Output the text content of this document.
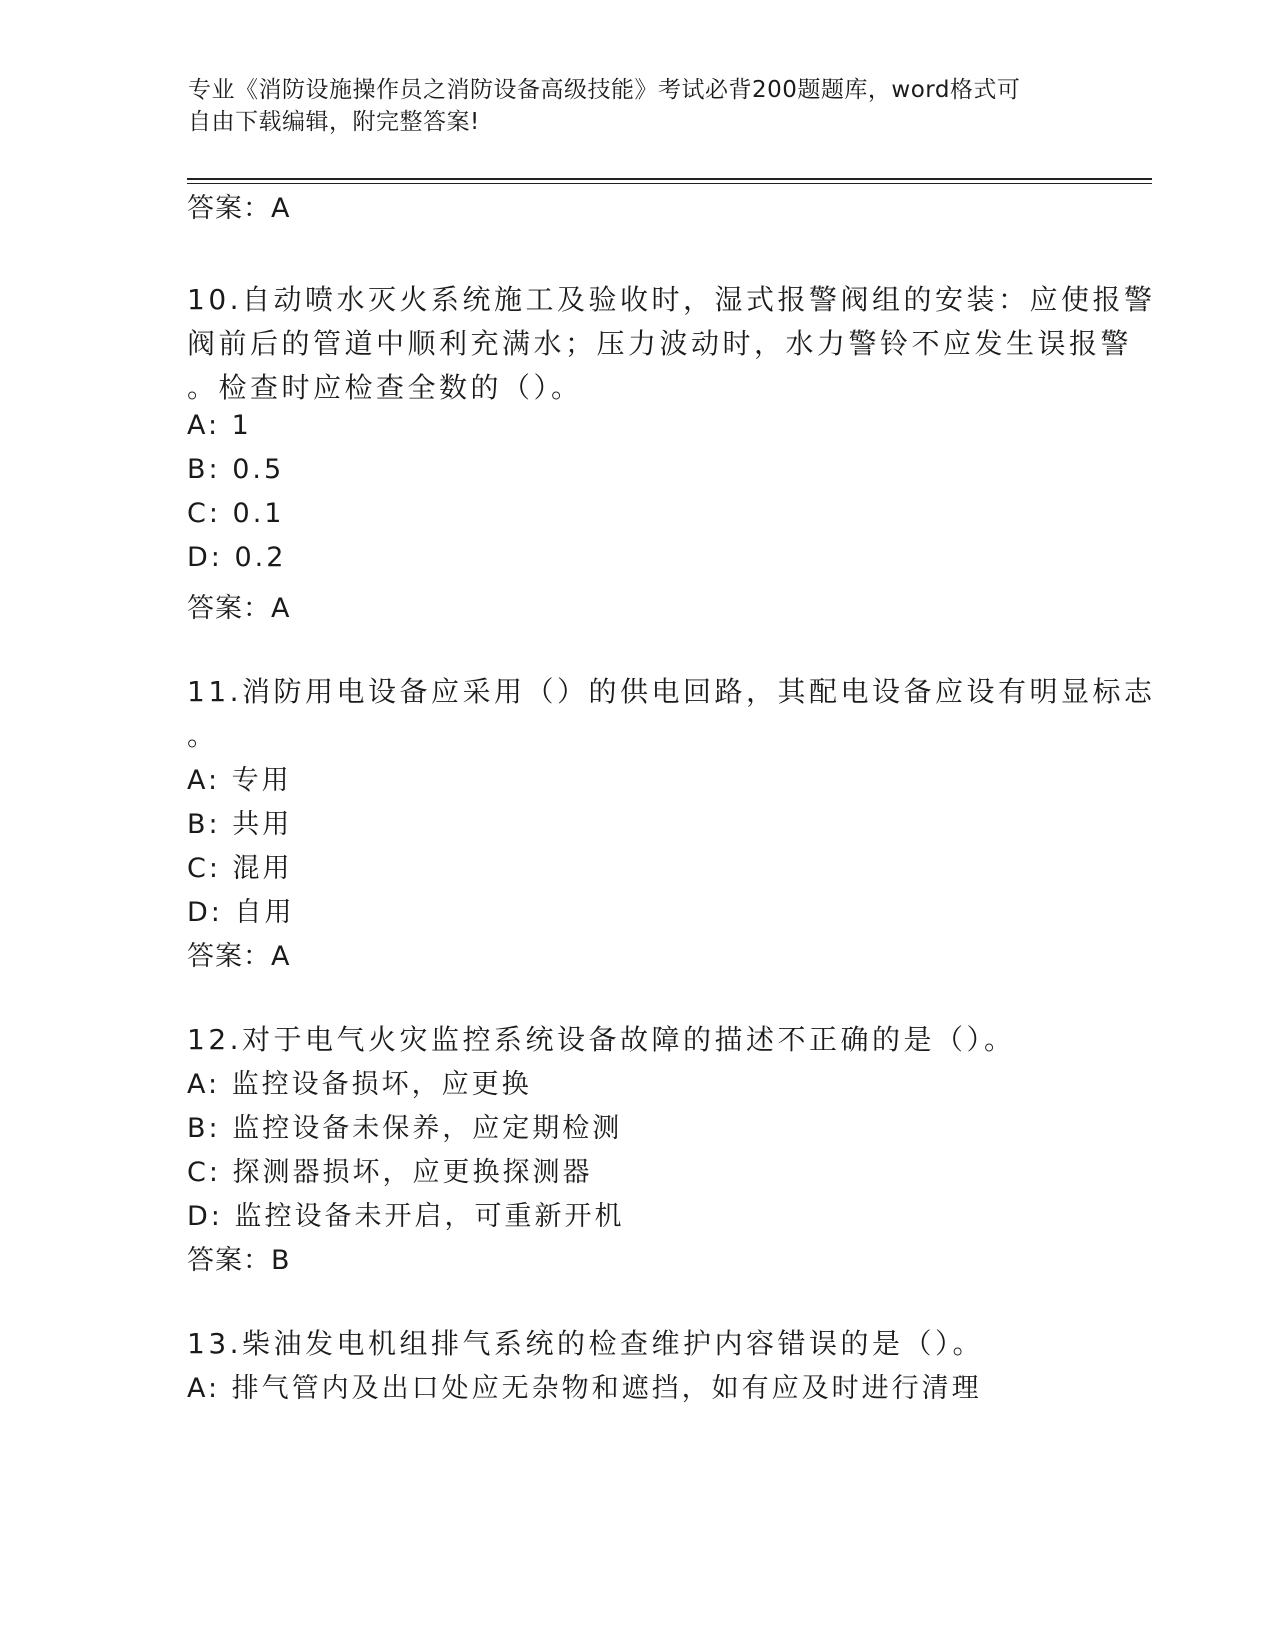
专业《消防设施操作员之消防设备高级技能》考试必背200题题库，word格式可
自由下载编辑，附完整答案!
答案：A
10.自动喷水灭火系统施工及验收时，湿式报警阀组的安装：应使报警
阀前后的管道中顺利充满水；压力波动时，水力警铃不应发生误报警
。检查时应检查全数的（）。
A: 1
B: 0.5
C: 0.1
D: 0.2
答案：A
11.消防用电设备应采用（）的供电回路，其配电设备应设有明显标志
。
A: 专用
B: 共用
C: 混用
D: 自用
答案：A
12.对于电气火灾监控系统设备故障的描述不正确的是（）。
A: 监控设备损坏，应更换
B: 监控设备未保养，应定期检测
C: 探测器损坏，应更换探测器
D: 监控设备未开启，可重新开机
答案：B
13.柴油发电机组排气系统的检查维护内容错误的是（）。
A: 排气管内及出口处应无杂物和遮挡，如有应及时进行清理
